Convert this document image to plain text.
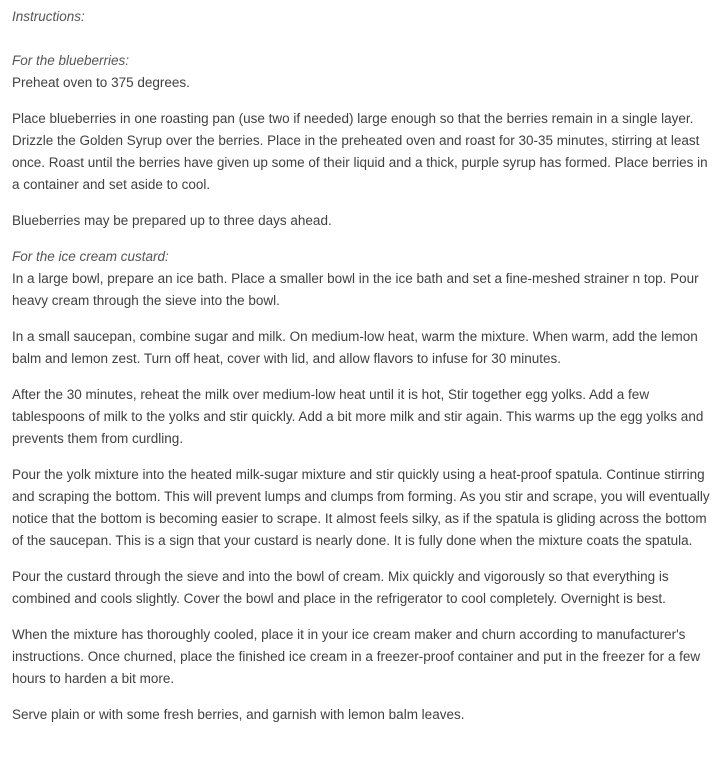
Instructions:

For the blueberries:

Preheat oven to 375 degrees.

Place blueberries in one roasting pan (use two if needed) large enough so that the berries remain in a single layer. Drizzle the Golden Syrup over the berries. Place in the preheated oven and roast for 30-35 minutes, stirring at least once. Roast until the berries have given up some of their liquid and a thick, purple syrup has formed. Place berries in a container and set aside to cool.

Blueberries may be prepared up to three days ahead.

For the ice cream custard:

In a large bowl, prepare an ice bath. Place a smaller bowl in the ice bath and set a fine-meshed strainer n top. Pour heavy cream through the sieve into the bowl.

In a small saucepan, combine sugar and milk. On medium-low heat, warm the mixture. When warm, add the lemon balm and lemon zest. Turn off heat, cover with lid, and allow flavors to infuse for 30 minutes.

After the 30 minutes, reheat the milk over medium-low heat until it is hot, Stir together egg yolks. Add a few tablespoons of milk to the yolks and stir quickly. Add a bit more milk and stir again. This warms up the egg yolks and prevents them from curdling.

Pour the yolk mixture into the heated milk-sugar mixture and stir quickly using a heat-proof spatula. Continue stirring and scraping the bottom. This will prevent lumps and clumps from forming. As you stir and scrape, you will eventually notice that the bottom is becoming easier to scrape. It almost feels silky, as if the spatula is gliding across the bottom of the saucepan. This is a sign that your custard is nearly done. It is fully done when the mixture coats the spatula.

Pour the custard through the sieve and into the bowl of cream. Mix quickly and vigorously so that everything is combined and cools slightly. Cover the bowl and place in the refrigerator to cool completely. Overnight is best.

When the mixture has thoroughly cooled, place it in your ice cream maker and churn according to manufacturer's instructions. Once churned, place the finished ice cream in a freezer-proof container and put in the freezer for a few hours to harden a bit more.

Serve plain or with some fresh berries, and garnish with lemon balm leaves.
